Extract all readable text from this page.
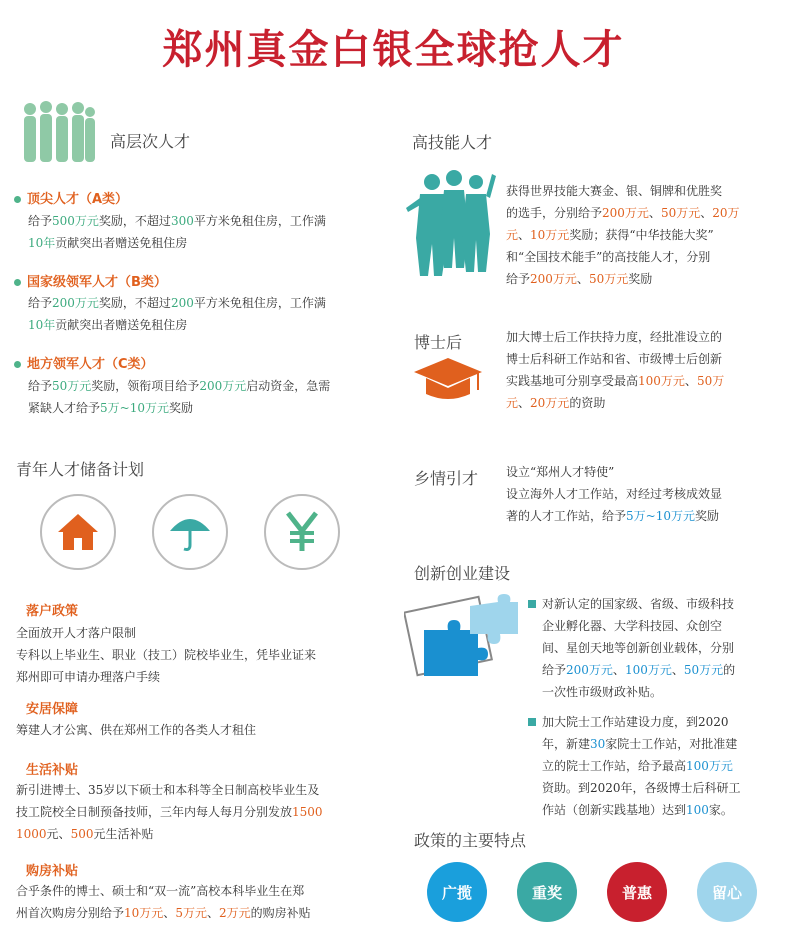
郑州真金白银全球抢人才
高层次人才
顶尖人才（A类）
给予500万元奖励，不超过300平方米免租住房，工作满
10年贡献突出者赠送免租住房
国家级领军人才（B类）
给予200万元奖励，不超过200平方米免租住房，工作满
10年贡献突出者赠送免租住房
地方领军人才（C类）
给予50万元奖励，领衔项目给予200万元启动资金，急需
紧缺人才给予5万~10万元奖励
青年人才储备计划
落户政策
全面放开人才落户限制
专科以上毕业生、职业（技工）院校毕业生，凭毕业证来
郑州即可申请办理落户手续
安居保障
筹建人才公寓、供在郑州工作的各类人才租住
生活补贴
新引进博士、35岁以下硕士和本科等全日制高校毕业生及
技工院校全日制预备技师，三年内每人每月分别发放1500
1000元、500元生活补贴
购房补贴
合乎条件的博士、硕士和“双一流”高校本科毕业生在郑
州首次购房分别给予10万元、5万元、2万元的购房补贴
高技能人才
获得世界技能大赛金、银、铜牌和优胜奖
的选手，分别给予200万元、50万元、20万
元、10万元奖励；获得“中华技能大奖”
和“全国技术能手”的高技能人才，分别
给予200万元、50万元奖励
博士后	加大博士后工作扶持力度，经批准设立的
博士后科研工作站和省、市级博士后创新
实践基地可分别享受最高100万元、50万
元、20万元的资助
乡情引才 设立“郑州人才特使”
设立海外人才工作站，对经过考核成效显
著的人才工作站，给予5万~10万元奖励
创新创业建设
对新认定的国家级、省级、市级科技
企业孵化器、大学科技园、众创空
间、星创天地等创新创业载体，分别
给予200万元、100万元、50万元的
一次性市级财政补贴。
加大院士工作站建设力度，到2020
年，新建30家院士工作站，对批准建
立的院士工作站，给予最高100万元
资助。到2020年，各级博士后科研工
作站（创新实践基地）达到100家。
政策的主要特点
广揽	重奖	普惠	留心
